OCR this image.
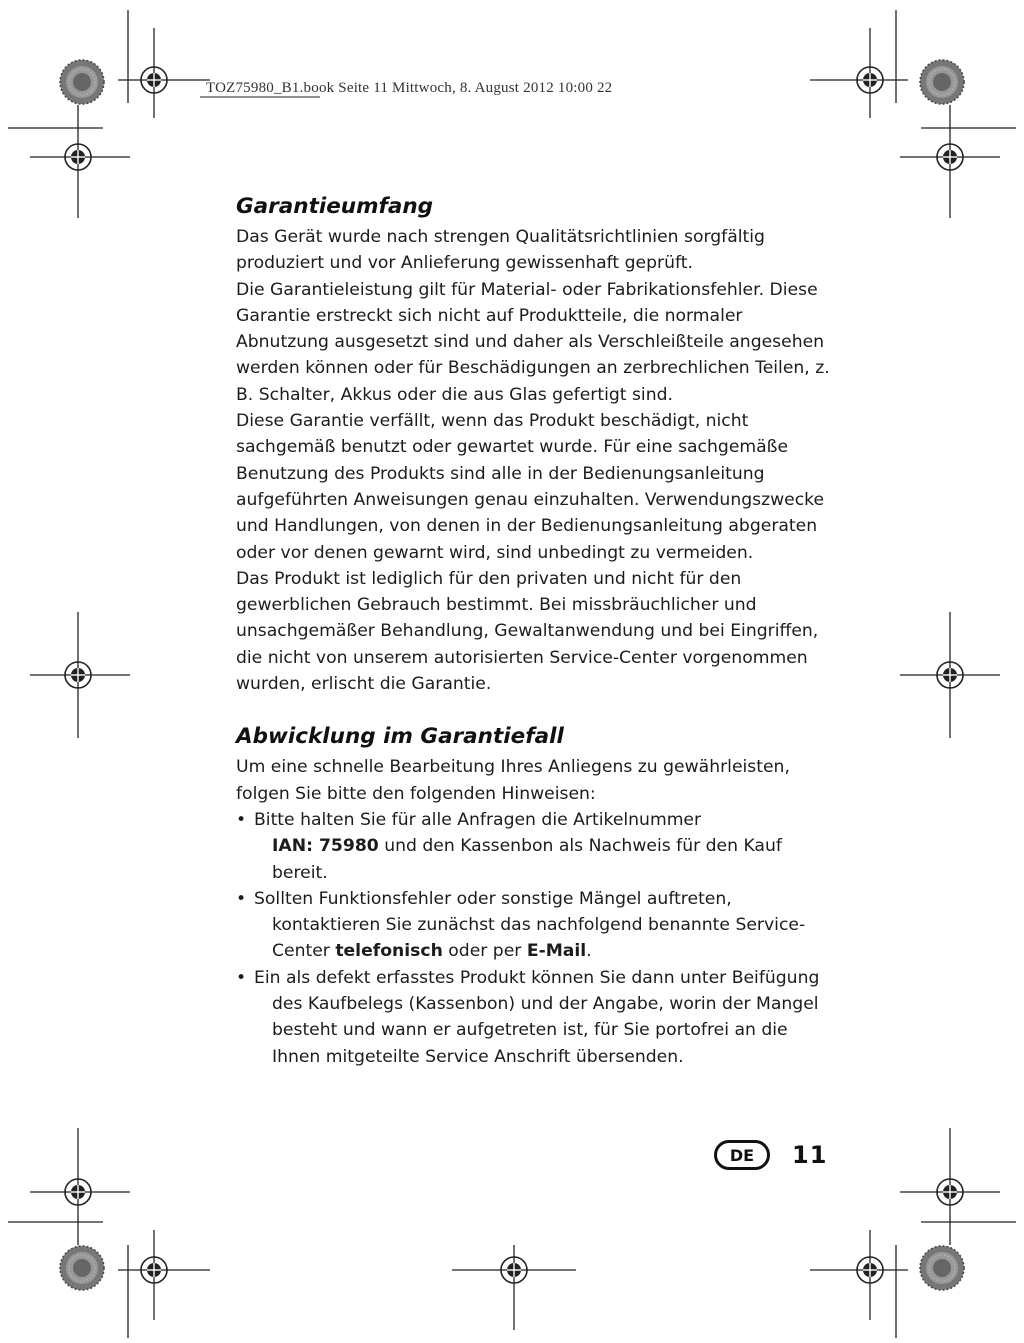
TOZ75980_B1.book Seite 11 Mittwoch, 8. August 2012 10:00 22
Garantieumfang

Das Gerät wurde nach strengen Qualitätsrichtlinien sorgfältig produziert und vor Anlieferung gewissenhaft geprüft.

Die Garantieleistung gilt für Material- oder Fabrikationsfehler. Diese Garantie erstreckt sich nicht auf Produktteile, die normaler Abnutzung ausgesetzt sind und daher als Verschleißteile angesehen werden können oder für Beschädigungen an zerbrechlichen Teilen, z. B. Schalter, Akkus oder die aus Glas gefertigt sind.

Diese Garantie verfällt, wenn das Produkt beschädigt, nicht sachgemäß benutzt oder gewartet wurde. Für eine sachgemäße Benutzung des Produkts sind alle in der Bedienungsanleitung aufgeführten Anweisungen genau einzuhalten. Verwendungszwecke und Handlungen, von denen in der Bedienungsanleitung abgeraten oder vor denen gewarnt wird, sind unbedingt zu vermeiden.

Das Produkt ist lediglich für den privaten und nicht für den gewerblichen Gebrauch bestimmt. Bei missbräuchlicher und unsachgemäßer Behandlung, Gewaltanwendung und bei Eingriffen, die nicht von unserem autorisierten Service-Center vorgenommen wurden, erlischt die Garantie.

Abwicklung im Garantiefall

Um eine schnelle Bearbeitung Ihres Anliegens zu gewährleisten, folgen Sie bitte den folgenden Hinweisen:

• Bitte halten Sie für alle Anfragen die Artikelnummer
IAN: 75980 und den Kassenbon als Nachweis für den Kauf bereit.
• Sollten Funktionsfehler oder sonstige Mängel auftreten, kontaktieren Sie zunächst das nachfolgend benannte Service-Center telefonisch oder per E-Mail.
• Ein als defekt erfasstes Produkt können Sie dann unter Beifügung des Kaufbelegs (Kassenbon) und der Angabe, worin der Mangel besteht und wann er aufgetreten ist, für Sie portofrei an die Ihnen mitgeteilte Service Anschrift übersenden.
DE	11
